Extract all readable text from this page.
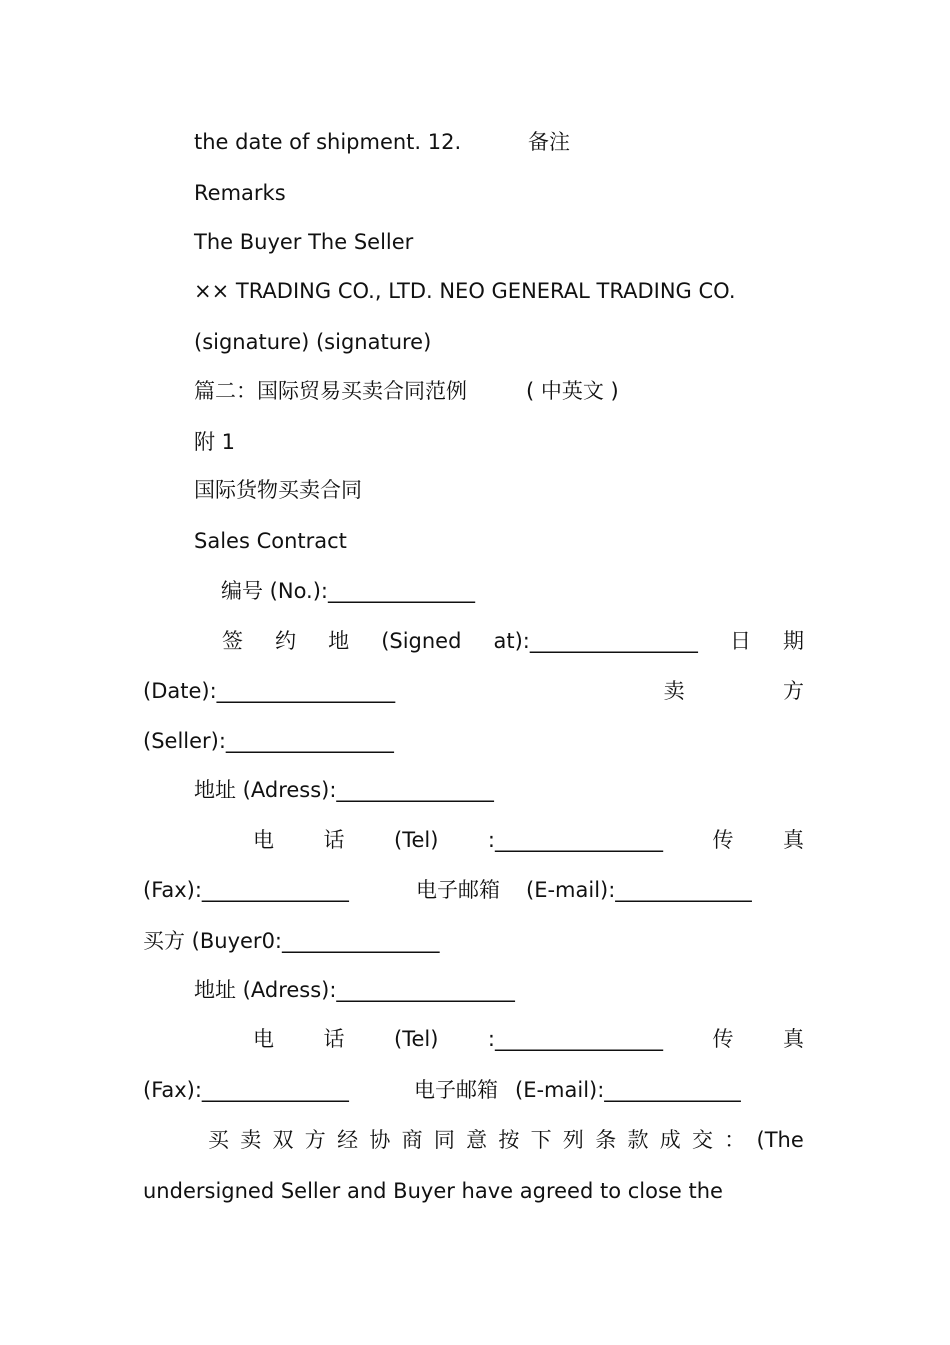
the date of shipment. 12.	备注
Remarks
The Buyer The Seller
×× TRADING CO., LTD. NEO GENERAL TRADING CO.
(signature) (signature)
篇二：国际贸易买卖合同范例	( 中英文 )
附 1
国际货物买卖合同
Sales Contract
编号 (No.):______________
签 约 地 (Signed at):________________ 日 期
(Date):_________________	卖	方
(Seller):________________
地址 (Adress):_______________
电 话 (Tel) :________________ 传 真
(Fax):______________	电子邮箱 (E-mail):_____________
买方 (Buyer0:_______________
地址 (Adress):_________________
电 话 (Tel) :________________ 传 真
(Fax):______________	电子邮箱 (E-mail):_____________
买 卖 双 方 经 协 商 同 意 按 下 列 条 款 成 交 ： (The
undersigned Seller and Buyer have agreed to close the
